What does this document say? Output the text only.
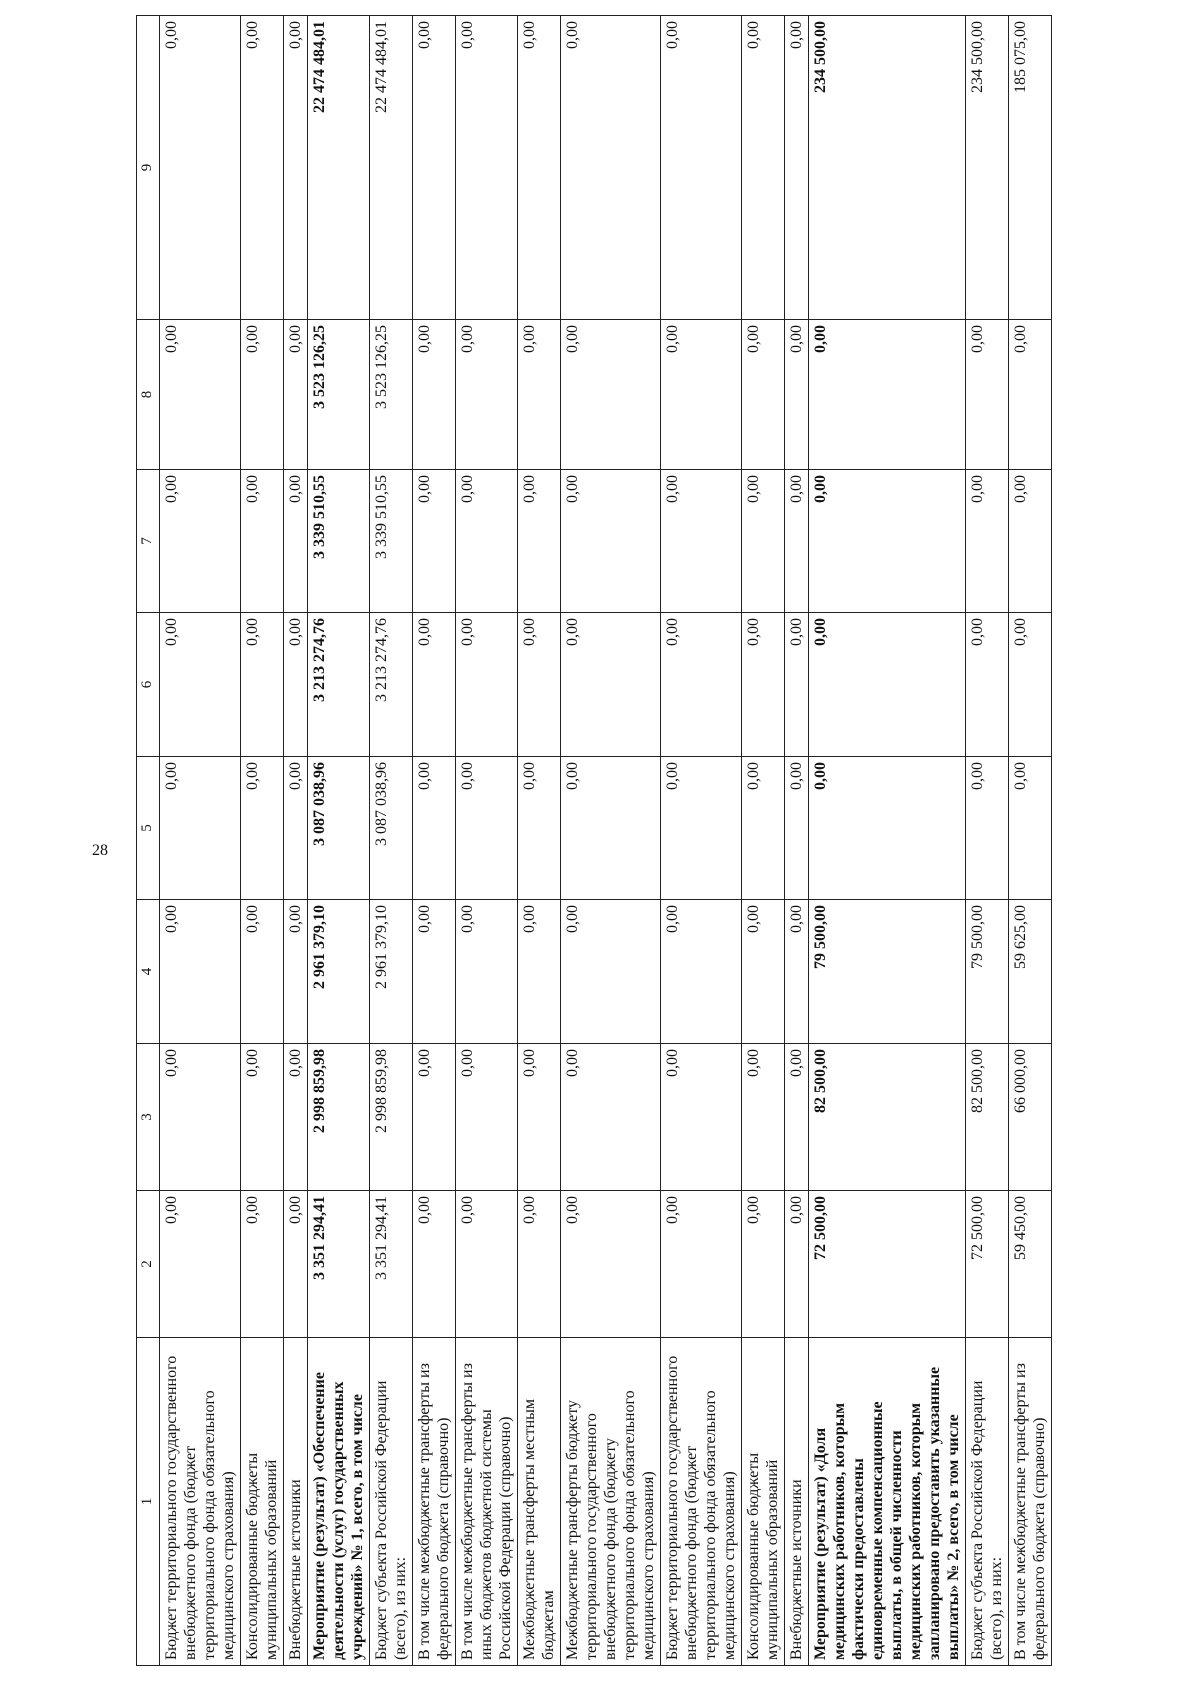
28
1	2	3	4	5	6	7	8	9
Бюджет территориального государственного внебюджетного фонда (бюджет территориального фонда обязательного медицинского страхования)	0,00	0,00	0,00	0,00	0,00	0,00	0,00	0,00
Консолидированные бюджеты муниципальных образований	0,00	0,00	0,00	0,00	0,00	0,00	0,00	0,00
Внебюджетные источники	0,00	0,00	0,00	0,00	0,00	0,00	0,00	0,00
Мероприятие (результат) «Обеспечение деятельности (услуг) государственных учреждений» № 1, всего, в том числе	3 351 294,41	2 998 859,98	2 961 379,10	3 087 038,96	3 213 274,76	3 339 510,55	3 523 126,25	22 474 484,01
Бюджет субъекта Российской Федерации (всего), из них:	3 351 294,41	2 998 859,98	2 961 379,10	3 087 038,96	3 213 274,76	3 339 510,55	3 523 126,25	22 474 484,01
В том числе межбюджетные трансферты из федерального бюджета (справочно)	0,00	0,00	0,00	0,00	0,00	0,00	0,00	0,00
В том числе межбюджетные трансферты из иных бюджетов бюджетной системы Российской Федерации (справочно)	0,00	0,00	0,00	0,00	0,00	0,00	0,00	0,00
Межбюджетные трансферты местным бюджетам	0,00	0,00	0,00	0,00	0,00	0,00	0,00	0,00
Межбюджетные трансферты бюджету территориального государственного внебюджетного фонда (бюджету территориального фонда обязательного медицинского страхования)	0,00	0,00	0,00	0,00	0,00	0,00	0,00	0,00
Бюджет территориального государственного внебюджетного фонда (бюджет территориального фонда обязательного медицинского страхования)	0,00	0,00	0,00	0,00	0,00	0,00	0,00	0,00
Консолидированные бюджеты муниципальных образований	0,00	0,00	0,00	0,00	0,00	0,00	0,00	0,00
Внебюджетные источники	0,00	0,00	0,00	0,00	0,00	0,00	0,00	0,00
Мероприятие (результат) «Доля медицинских работников, которым фактически предоставлены единовременные компенсационные выплаты, в общей численности медицинских работников, которым запланировано предоставить указанные выплаты» № 2, всего, в том числе	72 500,00	82 500,00	79 500,00	0,00	0,00	0,00	0,00	234 500,00
Бюджет субъекта Российской Федерации (всего), из них:	72 500,00	82 500,00	79 500,00	0,00	0,00	0,00	0,00	234 500,00
В том числе межбюджетные трансферты из федерального бюджета (справочно)	59 450,00	66 000,00	59 625,00	0,00	0,00	0,00	0,00	185 075,00
